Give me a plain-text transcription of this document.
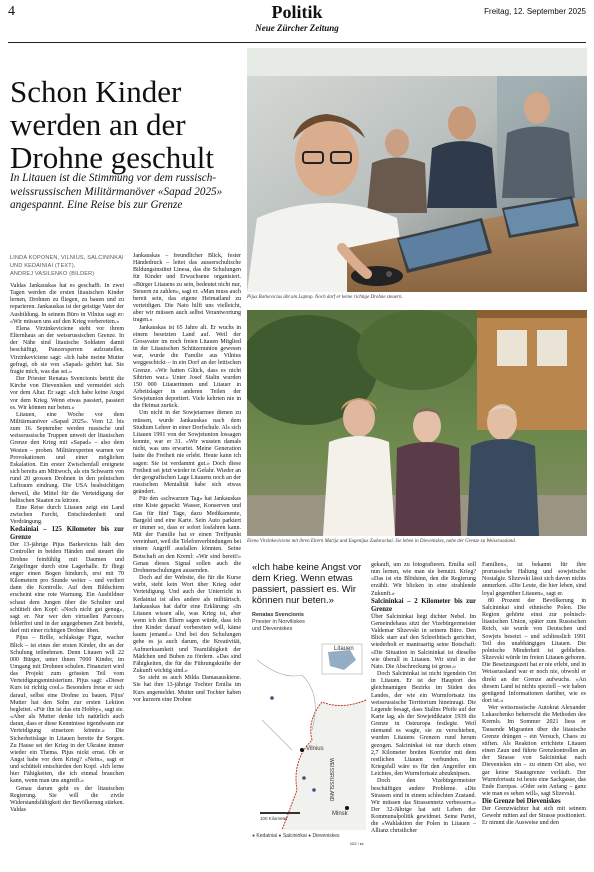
4	Politik
Neue Zürcher Zeitung
Freitag, 12. September 2025
Schon Kinder werden an der Drohne geschult
In Litauen ist die Stimmung vor dem russisch-weissrussischen Militärmanöver «Sapad 2025» angespannt. Eine Reise bis zur Grenze
LINDA KOPONEN, VILNIUS, SALCININKAI
UND KEDAINIAI (TEXT),
ANDREJ VASILENKO (BILDER)
Pijus Barkevicius übt am Laptop. Noch darf er keine richtige Drohne steuern.
Elena Virzinkeviciene mit ihren Eltern Marija und Eugenijus Zadarackai. Sie leben in Dieveniskes, nahe der Grenze zu Weissrussland.

Valdas Jankauskas hat es geschafft. In zwei Tagen werden die ersten litauischen Kinder lernen, Drohnen zu fliegen, zu bauen und zu reparieren. Jankauskas ist der geistige Vater der Ausbildung. In seinem Büro in Vilnius sagt er: «Wir müssen uns auf den Krieg vorbereiten.»

Elena Virzinkeviciene steht vor ihrem Elternhaus an der weissrussischen Grenze. In der Nähe sind litauische Soldaten damit beschäftigt, Panzersperren aufzustellen. Virzinkeviciene sagt: «Ich habe meine Mutter gefragt, ob sie von «Sapad» gehört hat. Sie fragte mich, was das sei.»

Der Priester Renatas Svencionis betritt die Kirche von Dieveniskes und vermeidet sich vor dem Altar. Er sagt: «Ich habe keine Angst vor dem Krieg. Wenn etwas passiert, passiert es. Wir können nur beten.»

Litauen, eine Woche vor dem Militärmanöver «Sapad 2025». Vom 12. bis zum 16. September werden russische und weissrussische Truppen unweit der litauischen Grenze den Krieg mit «Sapad» – also dem Westen – proben. Militärexperten warnen vor Provokationen und einer möglichen Eskalation. Ein erster Zwischenfall ereignete sich bereits am Mittwoch, als ein Schwarm von rund 20 grossen Drohnen in den polnischen Luftraum eindrang. Die USA beabsichtigen derweil, die Mittel für die Verteidigung der baltischen Staaten zu kürzen.

Eine Reise durch Litauen zeigt ein Land zwischen Furcht, Entschiedenheit und Verdrängung.

Kedainiai – 125 Kilometer bis zur Grenze

Der 13-jährige Pijus Barkevicius hält den Controller in beiden Händen und steuert die Drohne feinfühlig mit Daumen und Zeigefinger durch eine Lagerhalle. Er fliegt enger einen Bogen hindurch, erst mit 70 Kilometern pro Stunde weiter – und verliert dann die Kontrolle. Auf dem Bildschirm erscheint eine rote Warnung. Ein Ausbildner schaut dem Jungen über die Schulter und schüttelt den Kopf: «Noch nicht gut genug», sagt er. Nur wer den virtuellen Parcours fehlerfrei und in der angegebenen Zeit besteht, darf mit einer richtigen Drohne üben.

Pijus – Brille, schlaksige Figur, wacher Blick – ist eines der ersten Kinder, die an der Schulung teilnehmen. Denn Litauen will 22 000 Bürger, unter ihnen 7000 Kinder, im Umgang mit Drohnen schulen. Finanziert wird das Projekt zum grössten Teil vom Verteidigungsministerium. Pijus sagt: «Dieser Kurs ist richtig cool.» Besonders freue er sich darauf, selbst eine Drohne zu bauen. Pijus' Mutter hat den Sohn zur ersten Lektion begleitet. «Für ihn ist das ein Hobby», sagt sie. «Aber als Mutter denke ich natürlich auch daran, dass er diese Kenntnisse irgendwann zur Verteidigung einsetzen könnte.» Die Sicherheitslage in Litauen bereite ihr Sorgen. Zu Hause sei der Krieg in der Ukraine immer wieder ein Thema. Pijus nickt ernst. Ob er Angst habe vor dem Krieg? «Nein», sagt er und schüttelt entschieden den Kopf. «Ich lerne hier Fähigkeiten, die ich einmal brauchen kann, wenn man uns angreift.»

Genau darum geht es der litauischen Regierung. Sie will die zivile Widerstandsfähigkeit der Bevölkerung stärken. Valdas

Jankauskas – freundlicher Blick, fester Händedruck – leitet das ausserschulische Bildungsinstitut Linesa, das die Schulungen für Kinder und Erwachsene organisiert. «Bürger Litauens zu sein, bedeutet nicht nur, Steuern zu zahlen», sagt er. «Man muss auch bereit sein, das eigene Heimatland zu verteidigen. Die Nato hilft uns vielleicht, aber wir müssen auch selbst Verantwortung tragen.»

Jankauskas ist 65 Jahre alt. Er wuchs in einem besetzten Land auf. Weil der Grossvater im noch freien Litauen Mitglied in der Litauischen Schützenunion gewesen war, wurde die Familie aus Vilnius weggeschickt – in ein Dorf an der lettischen Grenze. «Wir hatten Glück, dass es nicht Sibirien war.» Unter Josef Stalin wurden 150 000 Litauerinnen und Litauer in Arbeitslager in anderen Teilen der Sowjetunion deportiert. Viele kehrten nie in die Heimat zurück.

Um nicht in der Sowjetarmee dienen zu müssen, wurde Jankauskas nach dem Studium Lehrer in einer Dorfschule. Als sich Litauen 1991 von der Sowjetunion lossagen konnte, war er 31. «Wir wussten damals nicht, was uns erwartet. Meine Generation hatte die Freiheit nie erlebt. Heute kann ich sagen: Sie ist verdammt gut.» Doch diese Freiheit sei jetzt wieder in Gefahr. Wieder an der geografischen Lage Litauens noch an der russischen Mentalität habe sich etwas geändert.

Für den «schwarzen Tag» hat Jankauskas eine Kiste gepackt: Wasser, Konserven und Gas für fünf Tage, dazu Medikamente, Bargeld und eine Karte. Sein Auto parkiert er immer so, dass er sofort losfahren kann. Mit der Familie hat er einen Treffpunkt vereinbart, weil die Telefonverbindungen bei einem Angriff ausfallen könnten. Seine Botschaft an den Kreml: «Wir sind bereit!» Genau dieses Signal sollen auch die Drohnenschulungen aussenden.

Doch auf der Website, die für die Kurse wirbt, steht kein Wort über Krieg oder Verteidigung. Und auch der Unterricht in Kedainiai ist alles andere als militärisch. Jankauskas hat dafür eine Erklärung: «In Litauen wissen alle, was Krieg ist, aber wenn ich den Eltern sagen würde, dass ich ihre Kinder darauf vorbereiten will, käme kaum jemand.» Und bei den Schulungen gehe es ja auch darum, die Kreativität, Aufmerksamkeit und Teamfähigkeit der Mädchen und Buben zu fördern. «Das sind Fähigkeiten, die für die Führungskräfte der Zukunft wichtig sind.»

So sieht es auch Milda Damasauskiene. Sie hat ihre 13-jährige Tochter Emilia im Kurs angemeldet. Mutter und Tochter haben vor kurzem eine Drohne

«Ich habe keine Angst vor dem Krieg. Wenn etwas passiert, passiert es. Wir können nur beten.»
Renatas Svencionis
Priester in Norviliskes
und Dieveniskes

gekauft, um zu fotografieren. Emilia soll nun lernen, wie man sie benutzt. Krieg? «Das ist ein Blödsinn, den die Regierung erzählt. Wir blicken in eine strahlende Zukunft.»

Salcininkai – 2 Kilometer bis zur Grenze

Über Salcininkai liegt dichter Nebel. Im Gemeindehaus sitzt der Vizebürgermeister Valdemar Slizevski in seinem Büro. Den Blick starr auf den Schreibtisch gerichtet, wiederholt er mantraartig seine Botschaft: «Die Situation in Salcininkai ist dieselbe wie überall in Litauen. Wir sind in der Nato. Die Abschreckung ist gross.»

Doch Salcininkai ist nicht irgendein Ort in Litauen. Er ist der Hauptort des gleichnamigen Bezirks im Süden des Landes, der wie ein Wurmfortsatz ins weissrussische Territorium hineinragt. Die Legende besagt, dass Stalins Pfeife auf der Karte lag, als der Sowjetdiktator 1939 die Grenze in Osteuropa festlegte. Weil niemand es wagte, sie zu verschieben, wurden Litauens Grenzen rund herum gezogen. Salcininkai ist nur durch einen 2,7 Kilometer breiten Korridor mit dem restlichen Litauen verbunden. Im Kriegsfall wäre es für den Angreifer ein Leichtes, den Wurmfortsatz abzuknipsen.

Doch den Vizebürgermeister beschäftigen andere Probleme. «Die Strassen sind in einem schlechten Zustand. Wir müssen das Strassennetz verbessern.» Der 32-Jährige hat seit Leben der Kommunalpolitik gewidmet. Seine Partei, die «Wahlaktion der Polen in Litauen – Allianz christlicher

Familien», ist bekannt für ihre prorussische Haltung und sowjetische Nostalgie. Slizevski lässt sich davon nichts anmerken. «Die Leute, die hier leben, sind loyal gegenüber Litauen», sagt er.

80 Prozent der Bevölkerung in Salcininkai sind ethnische Polen. Die Region gehörte einst zur polnisch-litauischen Union, später zum Russischen Reich, sie wurde von Deutschen und Sowjets besetzt – und schliesslich 1991 Teil des unabhängigen Litauen. Die polnische Minderheit ist geblieben. Slizevski würde im freien Litauen geboren. Die Besetzungszeit hat er nie erlebt, und in Weissrussland war er noch nie, obwohl er direkt an der Grenze aufwuchs. «An diesem Land ist nichts speziell – wir haben genügend Informationen darüber, wie es dort ist.»

Wer weissrussische Autokrat Alexander Lukaschenko beherrscht die Methoden des Kremls. Im Sommer 2021 liess er Tausende Migranten über die litauische Grenze drängen – ein Versuch, Chaos zu stiften. Als Reaktion errichtete Litauen einen Zaun und führte Grenzkontrollen an der Strasse von Salcininkai nach Dieveniskes ein – zu einem Ort also, wo gar keine Staatsgrenze verläuft. Der Wurmfortsatz ist heute eine Sackgasse, das Ende Europas. «Oder sein Anfang – ganz wie man es sehen will», sagt Slizevski.

Die Grenze bei Dieveniskes

Der Grenzwächter hat sich mit seinem Gewehr mitten auf der Strasse positioniert. Er nimmt die Ausweise und den

Litauen
Vilnius
Minsk
WEISSRUSSLAND
100 Kilometer
● Kedainiai ● Salcininkai ● Dieveniskes
NZZ / ka
